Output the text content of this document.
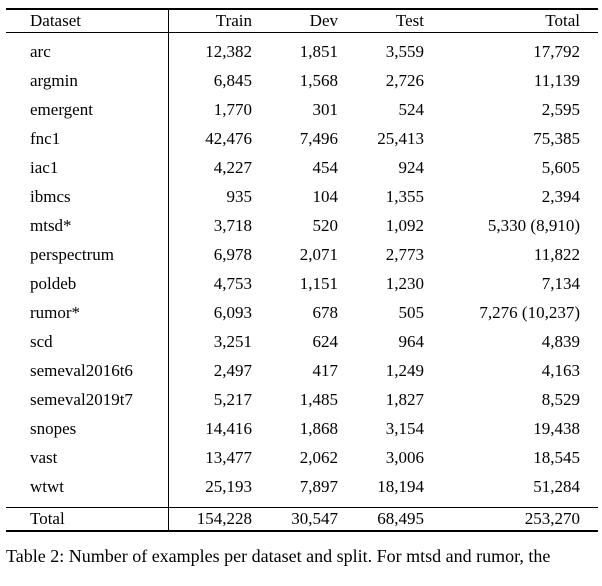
Dataset	Train	Dev	Test	Total
arc	12,382	1,851	3,559	17,792
argmin	6,845	1,568	2,726	11,139
emergent	1,770	301	524	2,595
fnc1	42,476	7,496	25,413	75,385
iac1	4,227	454	924	5,605
ibmcs	935	104	1,355	2,394
mtsd*	3,718	520	1,092	5,330 (8,910)
perspectrum	6,978	2,071	2,773	11,822
poldeb	4,753	1,151	1,230	7,134
rumor*	6,093	678	505	7,276 (10,237)
scd	3,251	624	964	4,839
semeval2016t6	2,497	417	1,249	4,163
semeval2019t7	5,217	1,485	1,827	8,529
snopes	14,416	1,868	3,154	19,438
vast	13,477	2,062	3,006	18,545
wtwt	25,193	7,897	18,194	51,284
Total	154,228	30,547	68,495	253,270
Table 2: Number of examples per dataset and split. For mtsd and rumor, the
